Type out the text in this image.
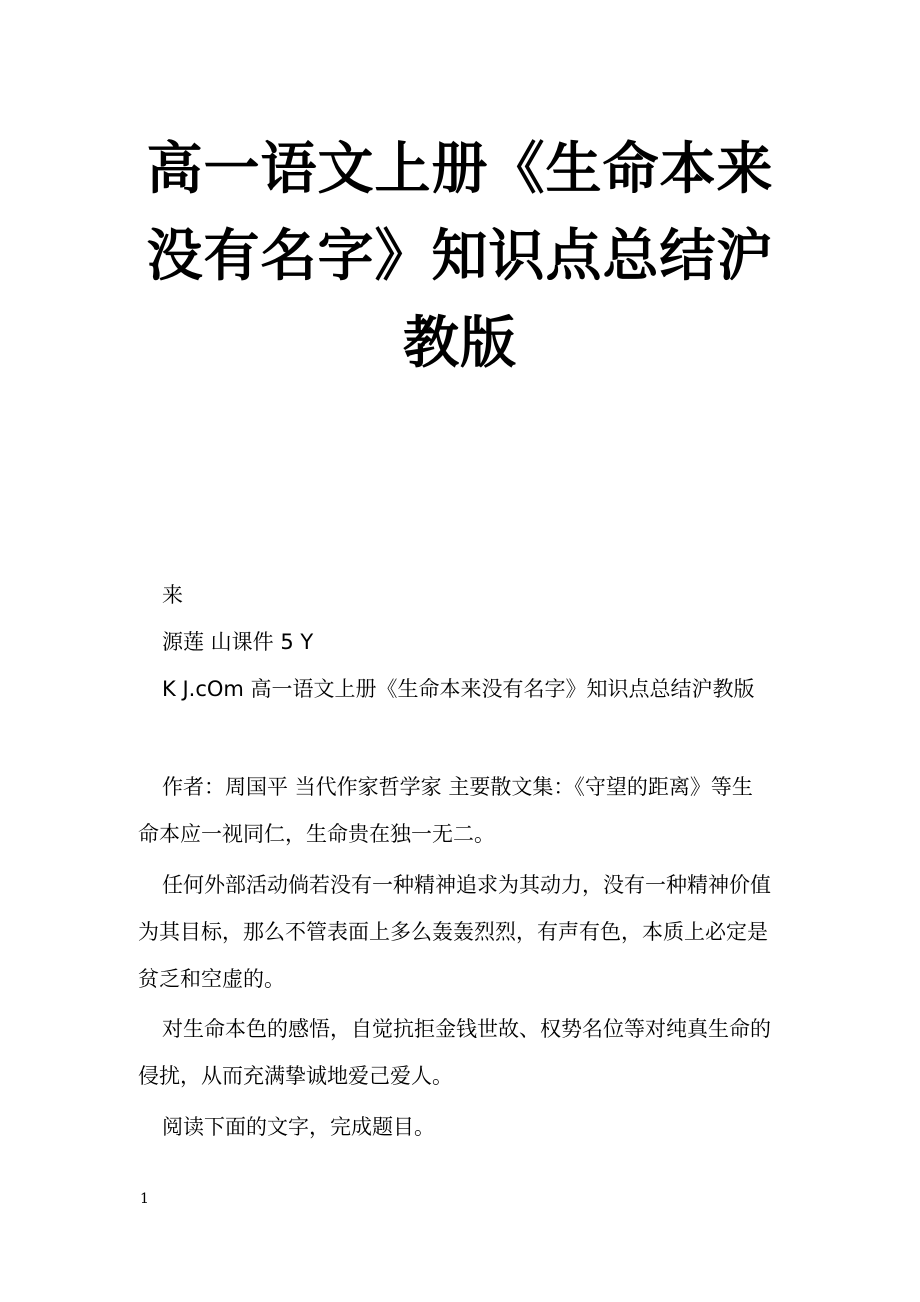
高一语文上册《生命本来
没有名字》知识点总结沪
教版

来

源莲 山课件 5 Y

K J.cOm 高一语文上册《生命本来没有名字》知识点总结沪教版

作者：周国平 当代作家哲学家 主要散文集：《守望的距离》等生
命本应一视同仁，生命贵在独一无二。
任何外部活动倘若没有一种精神追求为其动力，没有一种精神价值
为其目标，那么不管表面上多么轰轰烈烈，有声有色，本质上必定是
贫乏和空虚的。
对生命本色的感悟，自觉抗拒金钱世故、权势名位等对纯真生命的
侵扰，从而充满挚诚地爱己爱人。
阅读下面的文字，完成题目。
1
